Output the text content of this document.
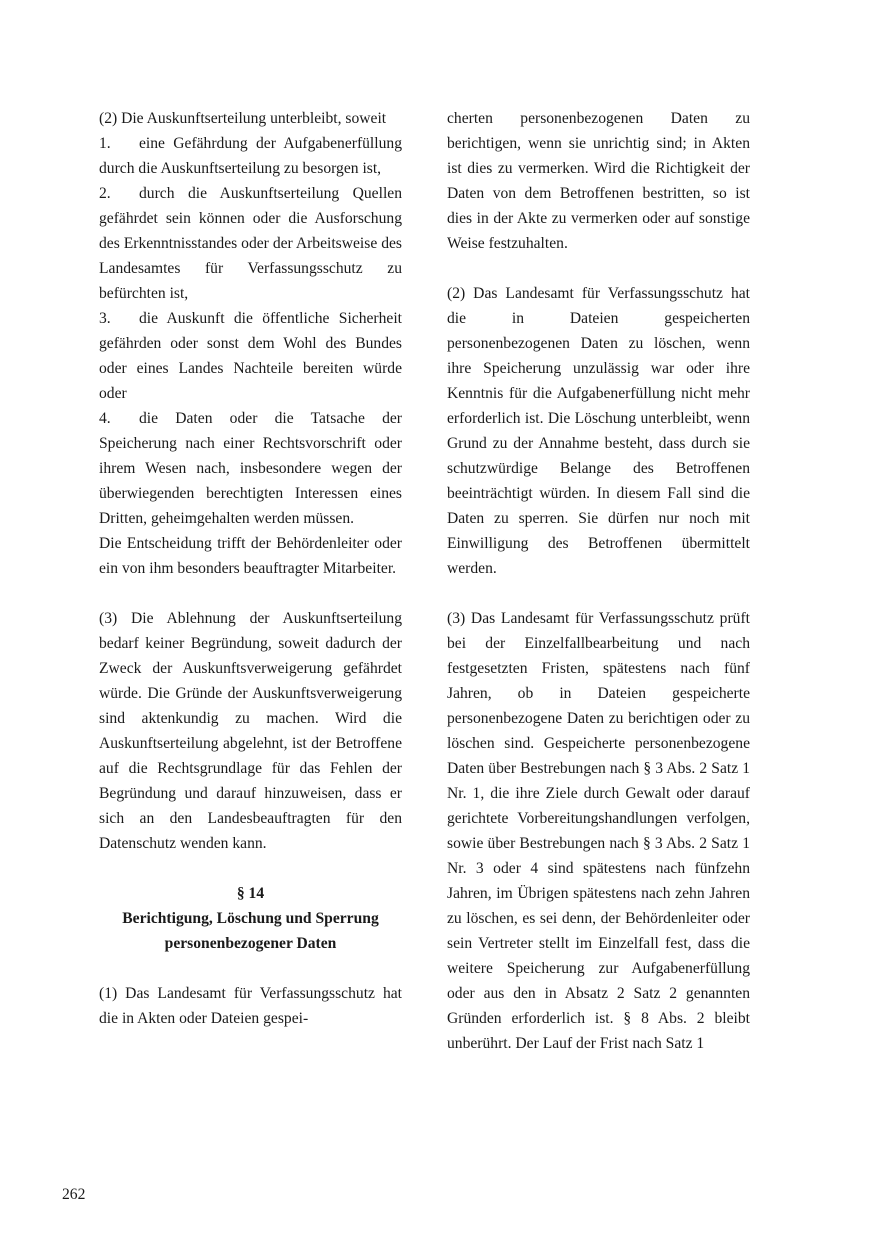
(2) Die Auskunftserteilung unterbleibt, soweit

1. eine Gefährdung der Aufgabenerfüllung durch die Auskunftserteilung zu besorgen ist,

2. durch die Auskunftserteilung Quellen gefährdet sein können oder die Ausforschung des Erkenntnisstandes oder der Arbeitsweise des Landesamtes für Verfassungsschutz zu befürchten ist,

3. die Auskunft die öffentliche Sicherheit gefährden oder sonst dem Wohl des Bundes oder eines Landes Nachteile bereiten würde oder

4. die Daten oder die Tatsache der Speicherung nach einer Rechtsvorschrift oder ihrem Wesen nach, insbesondere wegen der überwiegenden berechtigten Interessen eines Dritten, geheimgehalten werden müssen.

Die Entscheidung trifft der Behördenleiter oder ein von ihm besonders beauftragter Mitarbeiter.

(3) Die Ablehnung der Auskunftserteilung bedarf keiner Begründung, soweit dadurch der Zweck der Auskunftsverweigerung gefährdet würde. Die Gründe der Auskunftsverweigerung sind aktenkundig zu machen. Wird die Auskunftserteilung abgelehnt, ist der Betroffene auf die Rechtsgrundlage für das Fehlen der Begründung und darauf hinzuweisen, dass er sich an den Landesbeauftragten für den Datenschutz wenden kann.

§ 14

Berichtigung, Löschung und Sperrung

personenbezogener Daten

(1) Das Landesamt für Verfassungsschutz hat die in Akten oder Dateien gespei-

cherten personenbezogenen Daten zu berichtigen, wenn sie unrichtig sind; in Akten ist dies zu vermerken. Wird die Richtigkeit der Daten von dem Betroffenen bestritten, so ist dies in der Akte zu vermerken oder auf sonstige Weise festzuhalten.

(2) Das Landesamt für Verfassungsschutz hat die in Dateien gespeicherten personenbezogenen Daten zu löschen, wenn ihre Speicherung unzulässig war oder ihre Kenntnis für die Aufgabenerfüllung nicht mehr erforderlich ist. Die Löschung unterbleibt, wenn Grund zu der Annahme besteht, dass durch sie schutzwürdige Belange des Betroffenen beeinträchtigt würden. In diesem Fall sind die Daten zu sperren. Sie dürfen nur noch mit Einwilligung des Betroffenen übermittelt werden.

(3) Das Landesamt für Verfassungsschutz prüft bei der Einzelfallbearbeitung und nach festgesetzten Fristen, spätestens nach fünf Jahren, ob in Dateien gespeicherte personenbezogene Daten zu berichtigen oder zu löschen sind. Gespeicherte personenbezogene Daten über Bestrebungen nach § 3 Abs. 2 Satz 1 Nr. 1, die ihre Ziele durch Gewalt oder darauf gerichtete Vorbereitungshandlungen verfolgen, sowie über Bestrebungen nach § 3 Abs. 2 Satz 1 Nr. 3 oder 4 sind spätestens nach fünfzehn Jahren, im Übrigen spätestens nach zehn Jahren zu löschen, es sei denn, der Behördenleiter oder sein Vertreter stellt im Einzelfall fest, dass die weitere Speicherung zur Aufgabenerfüllung oder aus den in Absatz 2 Satz 2 genannten Gründen erforderlich ist. § 8 Abs. 2 bleibt unberührt. Der Lauf der Frist nach Satz 1

262
